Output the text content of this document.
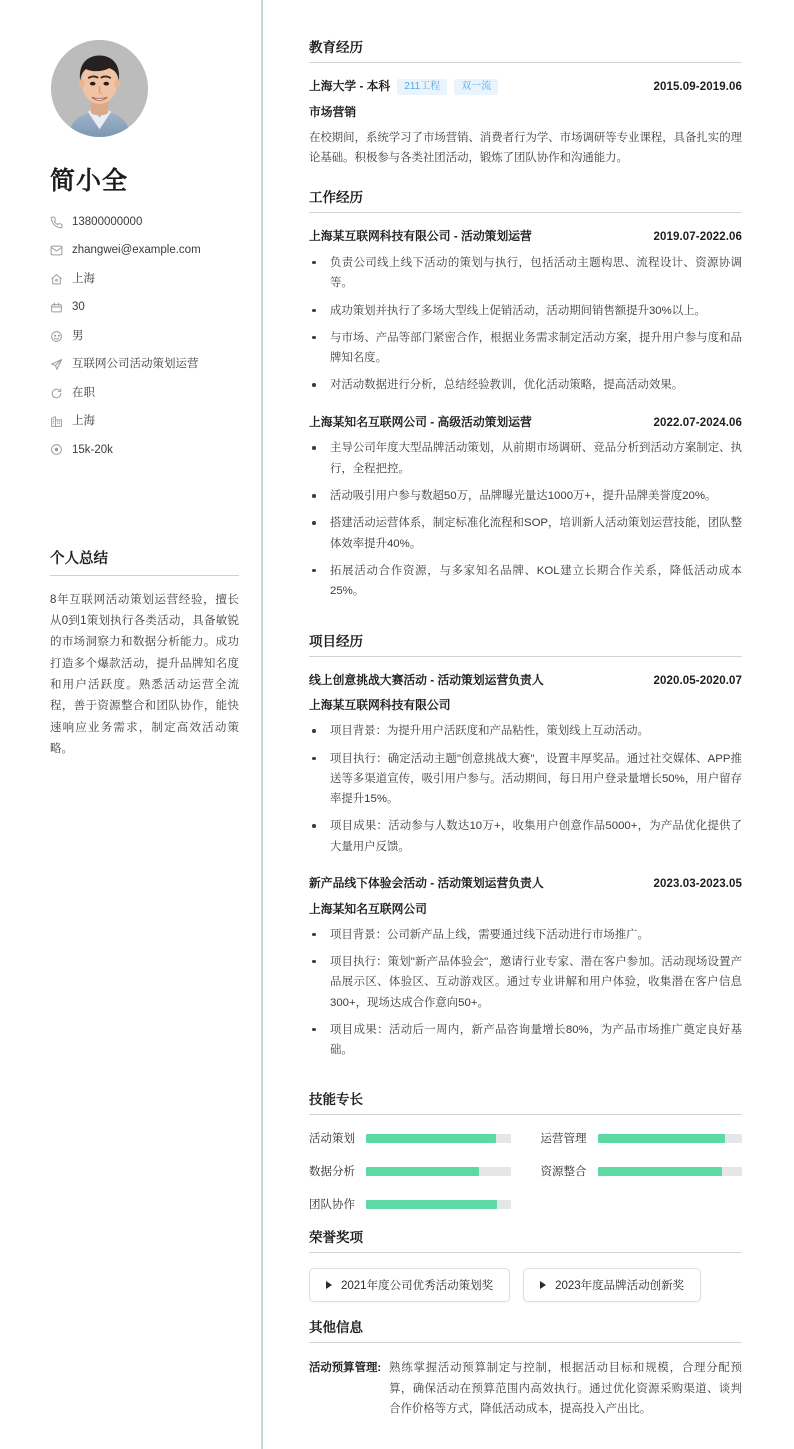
简小全
13800000000
zhangwei@example.com
上海
30
男
互联网公司活动策划运营
在职
上海
15k-20k
个人总结

8年互联网活动策划运营经验，擅长从0到1策划执行各类活动，具备敏锐的市场洞察力和数据分析能力。成功打造多个爆款活动，提升品牌知名度和用户活跃度。熟悉活动运营全流程，善于资源整合和团队协作，能快速响应业务需求，制定高效活动策略。

教育经历
上海大学 - 本科	211工程	双一流	2015.09-2019.06
市场营销

在校期间，系统学习了市场营销、消费者行为学、市场调研等专业课程，具备扎实的理论基础。积极参与各类社团活动，锻炼了团队协作和沟通能力。

工作经历
上海某互联网科技有限公司 - 活动策划运营	2019.07-2022.06
负责公司线上线下活动的策划与执行，包括活动主题构思、流程设计、资源协调等。
成功策划并执行了多场大型线上促销活动，活动期间销售额提升30%以上。
与市场、产品等部门紧密合作，根据业务需求制定活动方案，提升用户参与度和品牌知名度。
对活动数据进行分析，总结经验教训，优化活动策略，提高活动效果。
上海某知名互联网公司 - 高级活动策划运营	2022.07-2024.06
主导公司年度大型品牌活动策划，从前期市场调研、竞品分析到活动方案制定、执行，全程把控。
活动吸引用户参与数超50万，品牌曝光量达1000万+，提升品牌美誉度20%。
搭建活动运营体系，制定标准化流程和SOP，培训新人活动策划运营技能，团队整体效率提升40%。
拓展活动合作资源，与多家知名品牌、KOL建立长期合作关系，降低活动成本25%。
项目经历
线上创意挑战大赛活动 - 活动策划运营负责人	2020.05-2020.07
上海某互联网科技有限公司
项目背景：为提升用户活跃度和产品粘性，策划线上互动活动。
项目执行：确定活动主题"创意挑战大赛"，设置丰厚奖品。通过社交媒体、APP推送等多渠道宣传，吸引用户参与。活动期间，每日用户登录量增长50%，用户留存率提升15%。
项目成果：活动参与人数达10万+，收集用户创意作品5000+，为产品优化提供了大量用户反馈。
新产品线下体验会活动 - 活动策划运营负责人	2023.03-2023.05
上海某知名互联网公司
项目背景：公司新产品上线，需要通过线下活动进行市场推广。
项目执行：策划"新产品体验会"，邀请行业专家、潜在客户参加。活动现场设置产品展示区、体验区、互动游戏区。通过专业讲解和用户体验，收集潜在客户信息300+，现场达成合作意向50+。
项目成果：活动后一周内，新产品咨询量增长80%，为产品市场推广奠定良好基础。
技能专长
活动策划	运营管理
数据分析	资源整合
团队协作
荣誉奖项
2021年度公司优秀活动策划奖	2023年度品牌活动创新奖
其他信息
活动预算管理: 熟练掌握活动预算制定与控制，根据活动目标和规模，合理分配预算，确保活动在预算范围内高效执行。通过优化资源采购渠道、谈判合作价格等方式，降低活动成本，提高投入产出比。
